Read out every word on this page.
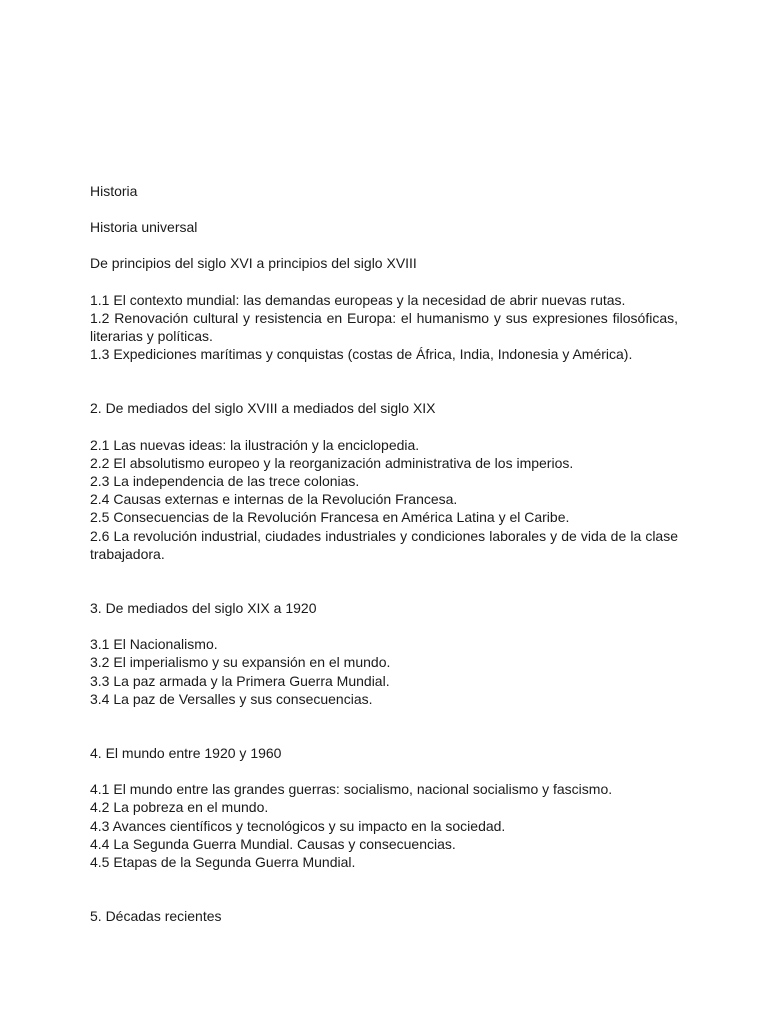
Historia
Historia universal
De principios del siglo XVI a principios del siglo XVIII
1.1 El contexto mundial: las demandas europeas y la necesidad de abrir nuevas rutas.
1.2 Renovación cultural y resistencia en Europa: el humanismo y sus expresiones filosóficas, literarias y políticas.
1.3 Expediciones marítimas y conquistas (costas de África, India, Indonesia y América).
2. De mediados del siglo XVIII a mediados del siglo XIX
2.1 Las nuevas ideas: la ilustración y la enciclopedia.
2.2 El absolutismo europeo y la reorganización administrativa de los imperios.
2.3 La independencia de las trece colonias.
2.4 Causas externas e internas de la Revolución Francesa.
2.5 Consecuencias de la Revolución Francesa en América Latina y el Caribe.
2.6 La revolución industrial, ciudades industriales y condiciones laborales y de vida de la clase trabajadora.
3. De mediados del siglo XIX a 1920
3.1 El Nacionalismo.
3.2 El imperialismo y su expansión en el mundo.
3.3 La paz armada y la Primera Guerra Mundial.
3.4 La paz de Versalles y sus consecuencias.
4. El mundo entre 1920 y 1960
4.1 El mundo entre las grandes guerras: socialismo, nacional socialismo y fascismo.
4.2 La pobreza en el mundo.
4.3 Avances científicos y tecnológicos y su impacto en la sociedad.
4.4 La Segunda Guerra Mundial. Causas y consecuencias.
4.5 Etapas de la Segunda Guerra Mundial.
5. Décadas recientes
